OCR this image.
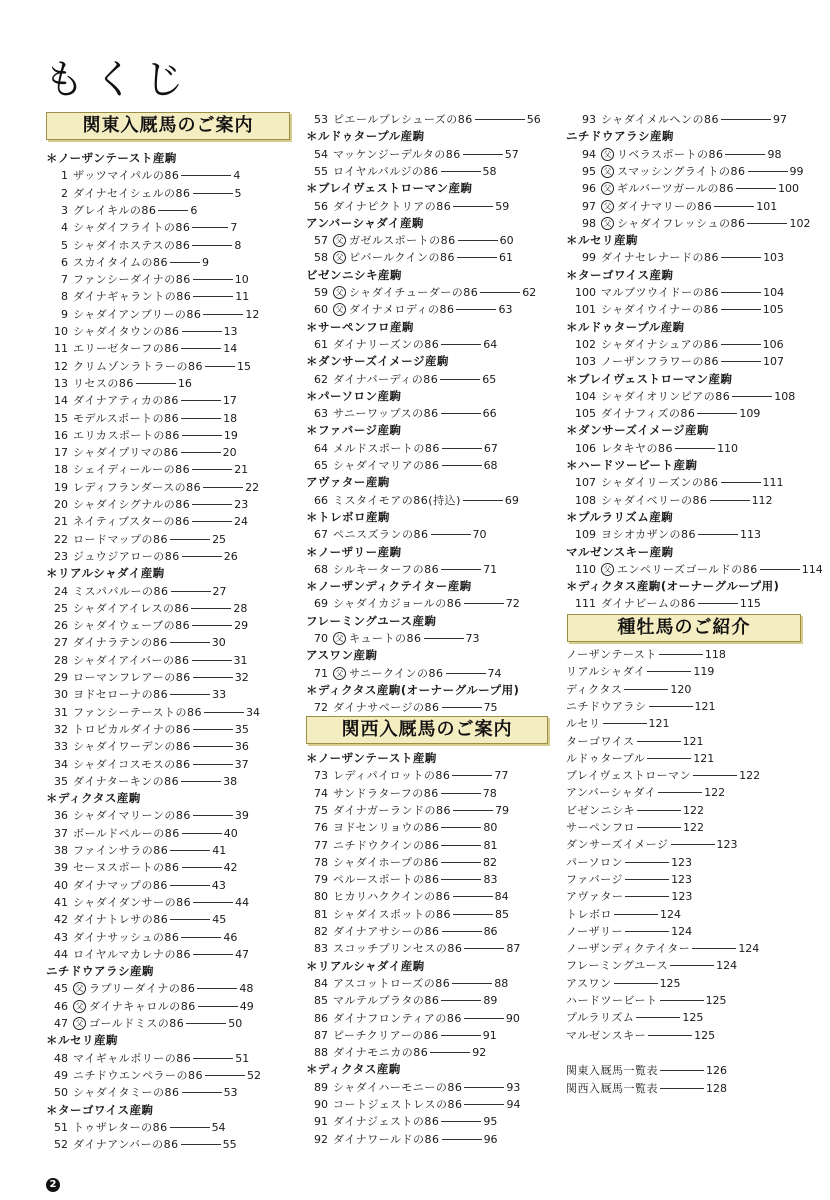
もくじ
関東入厩馬のご案内
関西入厩馬のご案内
種牡馬のご紹介
＊ノーザンテースト産駒
1 ザッツマイパルの86	4
2 ダイナセイシェルの86	5
3 グレイキルの86	6
4 シャダイフライトの86	7
5 シャダイホステスの86	8
6 スカイタイムの86	9
7 ファンシーダイナの86	10
8 ダイナギャラントの86	11
9 シャダイアンブリーの86	12
10 シャダイタウンの86	13
11 エリーゼターフの86	14
12 クリムゾンラトラーの86	15
13 リセスの86	16
14 ダイナアティカの86	17
15 モデルスポートの86	18
16 エリカスポートの86	19
17 シャダイプリマの86	20
18 シェイディールーの86	21
19 レディフランダースの86	22
20 シャダイシグナルの86	23
21 ネイティブスターの86	24
22 ロードマップの86	25
23 ジュウジアローの86	26
＊リアルシャダイ産駒
24 ミスパバルーの86	27
25 シャダイアイレスの86	28
26 シャダイウェーブの86	29
27 ダイナラテンの86	30
28 シャダイアイバーの86	31
29 ローマンフレアーの86	32
30 ヨドセローナの86	33
31 ファンシーテーストの86	34
32 トロピカルダイナの86	35
33 シャダイワーデンの86	36
34 シャダイコスモスの86	37
35 ダイナターキンの86	38
＊ディクタス産駒
36 シャダイマリーンの86	39
37 ボールドペルーの86	40
38 ファインサラの86	41
39 セーヌスポートの86	42
40 ダイナマップの86	43
41 シャダイダンサーの86	44
42 ダイナトレサの86	45
43 ダイナサッシュの86	46
44 ロイヤルマカレナの86	47
ニチドウアラシ産駒
45 父 ラブリーダイナの86	48
46 父 ダイナキャロルの86	49
47 父 ゴールドミスの86	50
＊ルセリ産駒
48 マイギャルポリーの86	51
49 ニチドウエンペラーの86	52
50 シャダイタミーの86	53
＊ターゴワイス産駒
51 トゥザレターの86	54
52 ダイナアンバーの86	55
53 ピエールプレシューズの86	56
＊ルドゥタープル産駒
54 マッケンジーデルタの86	57
55 ロイヤルバルジの86	58
＊ブレイヴェストローマン産駒
56 ダイナピクトリアの86	59
アンバーシャダイ産駒
57 父 ガゼルスポートの86	60
58 父 ピバールクインの86	61
ビゼンニシキ産駒
59 父 シャダイチューダーの86	62
60 父 ダイナメロディの86	63
＊サーペンフロ産駒
61 ダイナリーズンの86	64
＊ダンサーズイメージ産駒
62 ダイナバーディの86	65
＊パーソロン産駒
63 サニーワップスの86	66
＊ファバージ産駒
64 メルドスポートの86	67
65 シャダイマリアの86	68
アヴァター産駒
66 ミスタイモアの86(持込)	69
＊トレボロ産駒
67 ペニスズランの86	70
＊ノーザリー産駒
68 シルキーターフの86	71
＊ノーザンディクテイター産駒
69 シャダイカジョールの86	72
フレーミングユース産駒
70 父 キュートの86	73
アスワン産駒
71 父 サニークインの86	74
＊ディクタス産駒(オーナーグループ用)
72 ダイナサベージの86	75
＊ノーザンテースト産駒
73 レディパイロットの86	77
74 サンドラターフの86	78
75 ダイナガーランドの86	79
76 ヨドセンリョウの86	80
77 ニチドウクインの86	81
78 シャダイホープの86	82
79 ペルースポートの86	83
80 ヒカリハククインの86	84
81 シャダイスポットの86	85
82 ダイナアサシーの86	86
83 スコッチプリンセスの86	87
＊リアルシャダイ産駒
84 アスコットローズの86	88
85 マルテルプラタの86	89
86 ダイナフロンティアの86	90
87 ピーチクリアーの86	91
88 ダイナモニカの86	92
＊ディクタス産駒
89 シャダイハーモニーの86	93
90 コートジェストレスの86	94
91 ダイナジェストの86	95
92 ダイナワールドの86	96
93 シャダイメルヘンの86	97
ニチドウアラシ産駒
94 父 リベラスポートの86	98
95 父 スマッシングライトの86	99
96 父 ギルバーツガールの86	100
97 父 ダイナマリーの86	101
98 父 シャダイフレッシュの86	102
＊ルセリ産駒
99 ダイナセレナードの86	103
＊ターゴワイス産駒
100 マルブツウイドーの86	104
101 シャダイウイナーの86	105
＊ルドゥタープル産駒
102 シャダイナシュアの86	106
103 ノーザンフラワーの86	107
＊ブレイヴェストローマン産駒
104 シャダイオリンピアの86	108
105 ダイナフィズの86	109
＊ダンサーズイメージ産駒
106 レタキヤの86	110
＊ハードツービート産駒
107 シャダイリーズンの86	111
108 シャダイベリーの86	112
＊プルラリズム産駒
109 ヨシオカザンの86	113
マルゼンスキー産駒
110 父 エンペリーズゴールドの86	114
＊ディクタス産駒(オーナーグループ用)
111 ダイナビームの86	115
ノーザンテースト	118
リアルシャダイ	119
ディクタス	120
ニチドウアラシ	121
ルセリ	121
ターゴワイス	121
ルドゥタープル	121
ブレイヴェストローマン	122
アンバーシャダイ	122
ビゼンニシキ	122
サーペンフロ	122
ダンサーズイメージ	123
パーソロン	123
ファバージ	123
アヴァター	123
トレボロ	124
ノーザリー	124
ノーザンディクテイター	124
フレーミングユース	124
アスワン	125
ハードツービート	125
プルラリズム	125
マルゼンスキー	125
関東入厩馬一覧表	126
関西入厩馬一覧表	128
2
